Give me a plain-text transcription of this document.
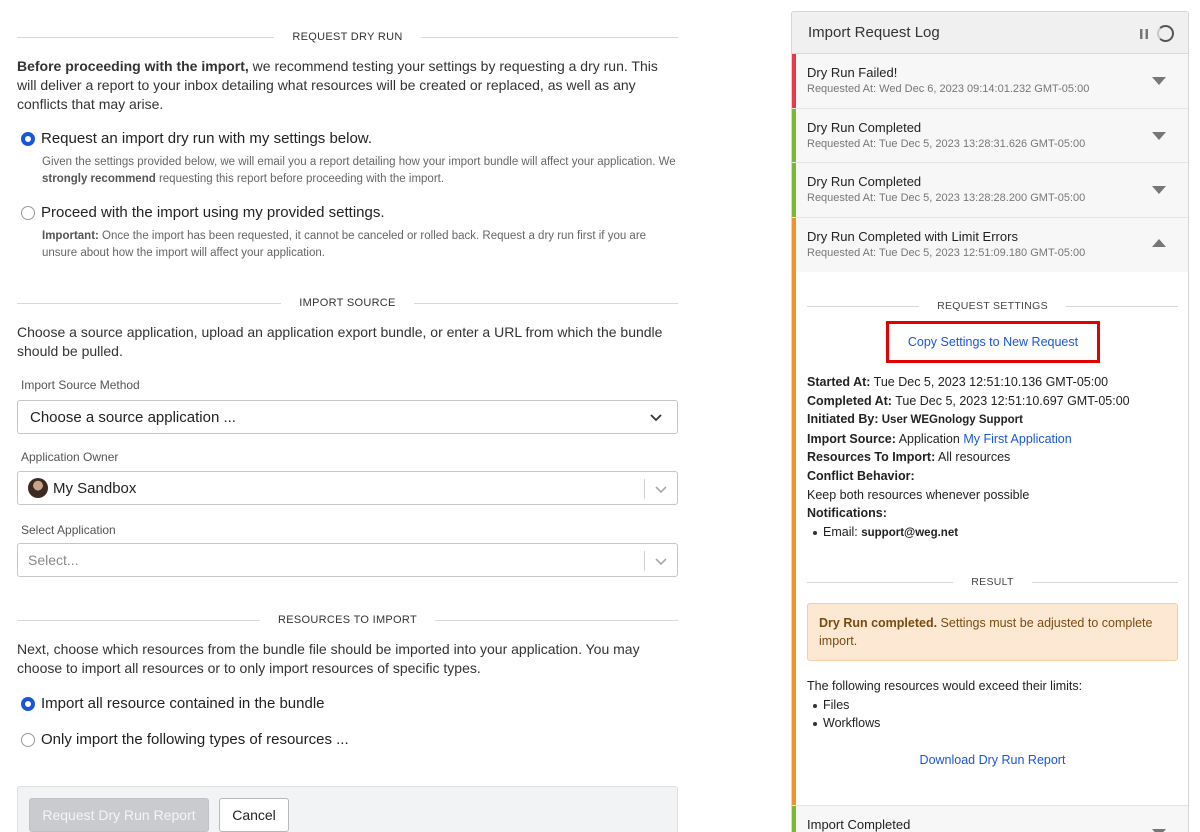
REQUEST DRY RUN

Before proceeding with the import, we recommend testing your settings by requesting a dry run. This will deliver a report to your inbox detailing what resources will be created or replaced, as well as any conflicts that may arise.

Request an import dry run with my settings below.

Given the settings provided below, we will email you a report detailing how your import bundle will affect your application. We strongly recommend requesting this report before proceeding with the import.

Proceed with the import using my provided settings.

Important: Once the import has been requested, it cannot be canceled or rolled back. Request a dry run first if you are unsure about how the import will affect your application.

IMPORT SOURCE

Choose a source application, upload an application export bundle, or enter a URL from which the bundle should be pulled.

Import Source Method
Choose a source application ...
Application Owner
My Sandbox
Select Application
Select...
RESOURCES TO IMPORT

Next, choose which resources from the bundle file should be imported into your application. You may choose to import all resources or to only import resources of specific types.

Import all resource contained in the bundle
Only import the following types of resources ...
Request Dry Run Report	Cancel
Import Request Log
Dry Run Failed!
Requested At: Wed Dec 6, 2023 09:14:01.232 GMT-05:00
Dry Run Completed
Requested At: Tue Dec 5, 2023 13:28:31.626 GMT-05:00
Dry Run Completed
Requested At: Tue Dec 5, 2023 13:28:28.200 GMT-05:00
Dry Run Completed with Limit Errors
Requested At: Tue Dec 5, 2023 12:51:09.180 GMT-05:00
REQUEST SETTINGS
Copy Settings to New Request
Started At: Tue Dec 5, 2023 12:51:10.136 GMT-05:00
Completed At: Tue Dec 5, 2023 12:51:10.697 GMT-05:00
Initiated By: User WEGnology Support
Import Source: Application My First Application
Resources To Import: All resources
Conflict Behavior:
Keep both resources whenever possible
Notifications:
Email: support@weg.net
RESULT
Dry Run completed. Settings must be adjusted to complete import.
The following resources would exceed their limits:
Files
Workflows
Download Dry Run Report
Import Completed
